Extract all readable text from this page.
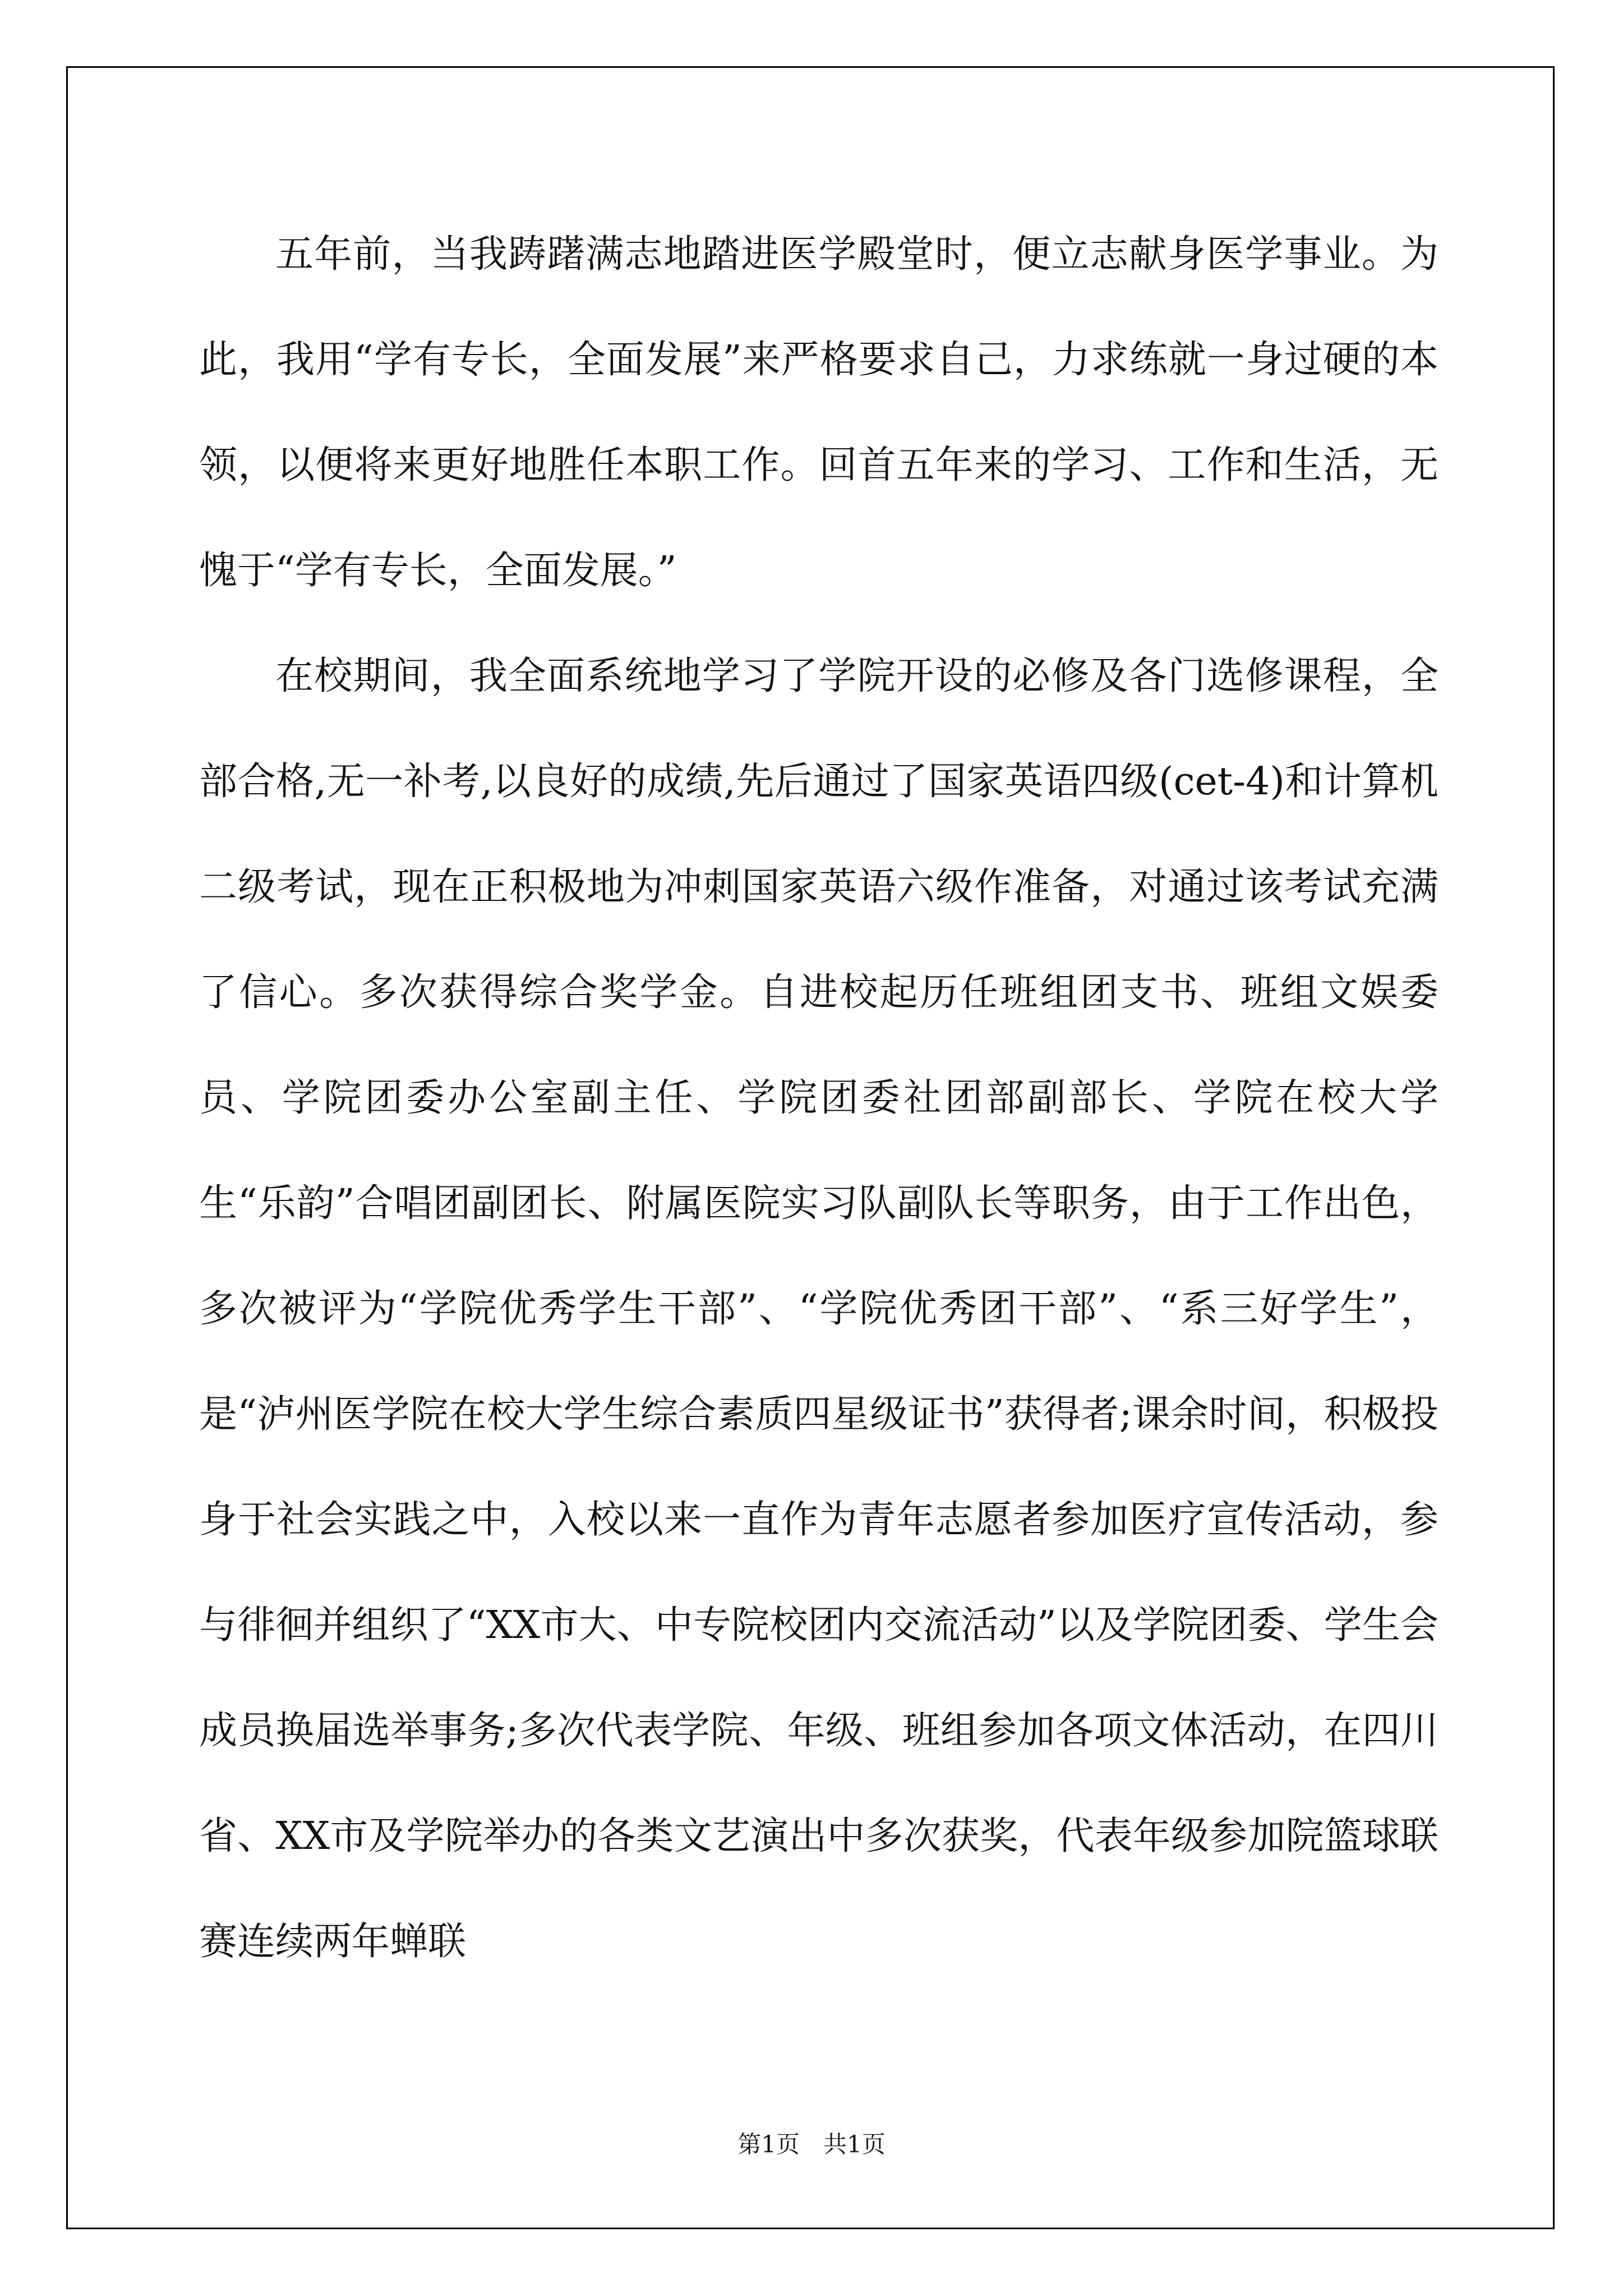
五年前，当我踌躇满志地踏进医学殿堂时，便立志献身医学事业。为此，我用“学有专长，全面发展”来严格要求自己，力求练就一身过硬的本领，以便将来更好地胜任本职工作。回首五年来的学习、工作和生活，无愧于“学有专长，全面发展。”

在校期间，我全面系统地学习了学院开设的必修及各门选修课程，全部合格,无一补考,以良好的成绩,先后通过了国家英语四级(cet-4)和计算机二级考试，现在正积极地为冲刺国家英语六级作准备，对通过该考试充满了信心。多次获得综合奖学金。自进校起历任班组团支书、班组文娱委员、学院团委办公室副主任、学院团委社团部副部长、学院在校大学生“乐韵”合唱团副团长、附属医院实习队副队长等职务，由于工作出色，多次被评为“学院优秀学生干部”、“学院优秀团干部”、“系三好学生”，是“泸州医学院在校大学生综合素质四星级证书”获得者;课余时间，积极投身于社会实践之中，入校以来一直作为青年志愿者参加医疗宣传活动，参与徘徊并组织了“XX市大、中专院校团内交流活动”以及学院团委、学生会成员换届选举事务;多次代表学院、年级、班组参加各项文体活动，在四川省、XX市及学院举办的各类文艺演出中多次获奖，代表年级参加院篮球联赛连续两年蝉联

第1页　共1页
